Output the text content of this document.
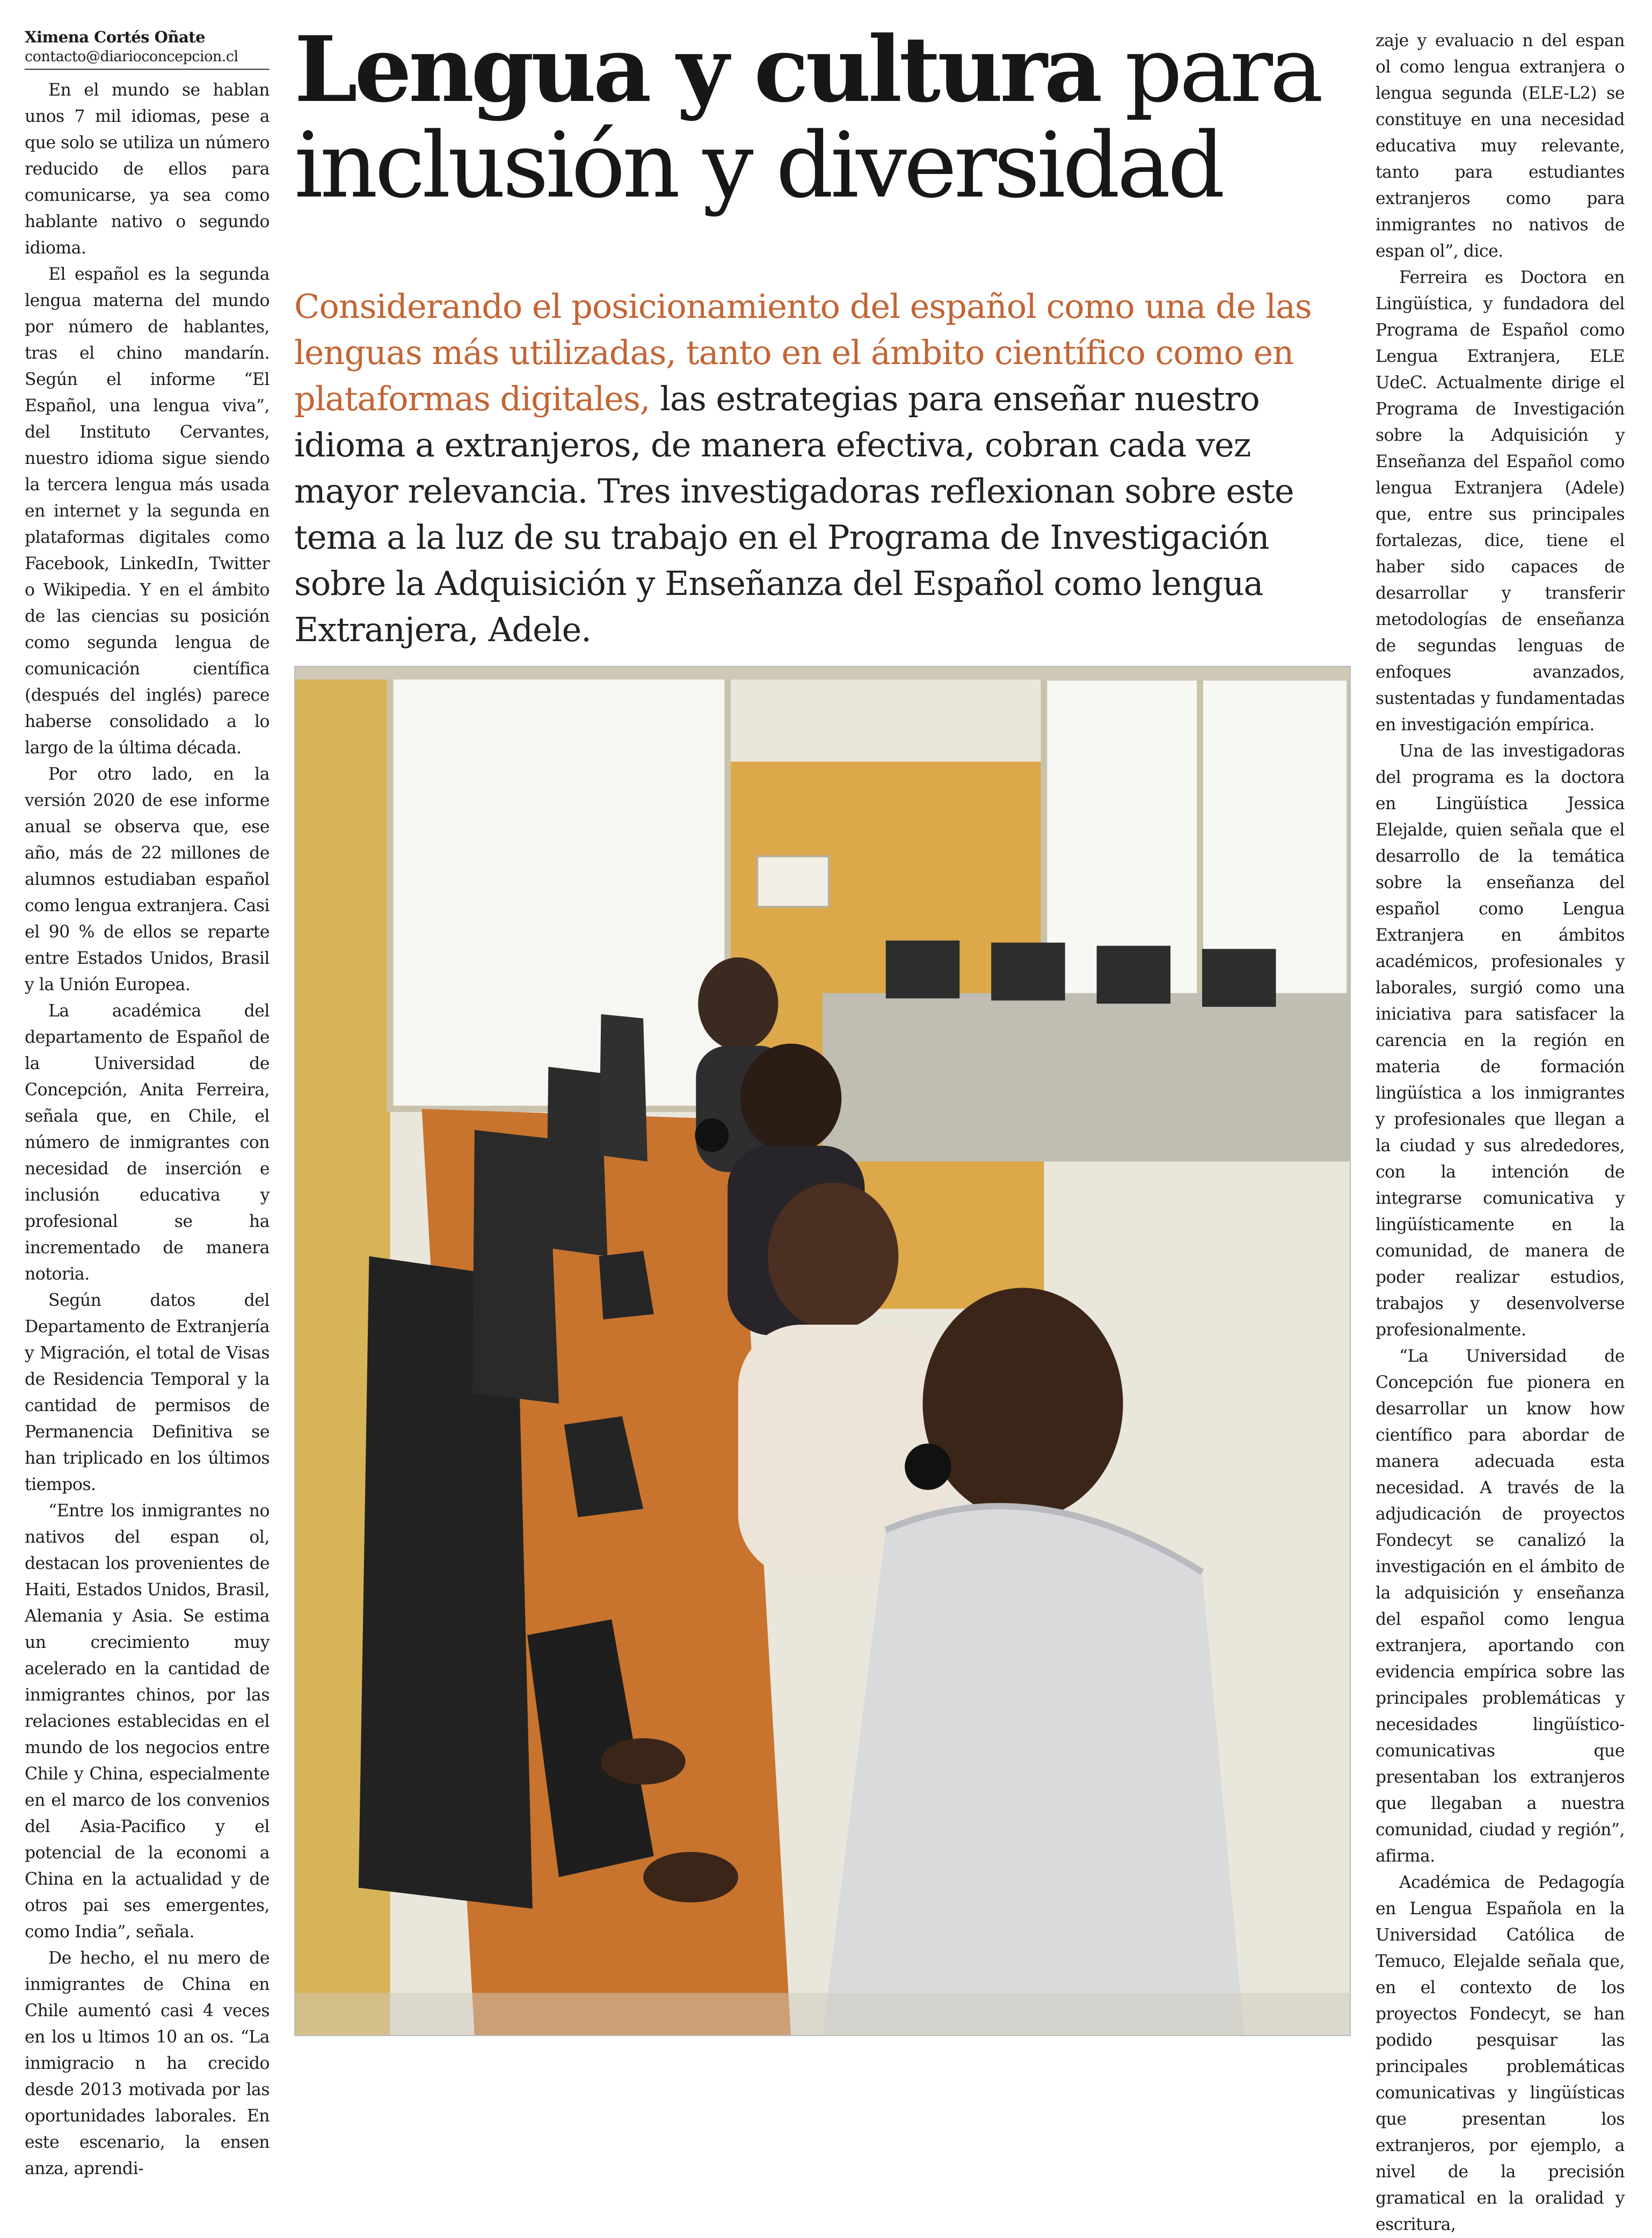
Ximena Cortés Oñate
contacto@diarioconcepcion.cl

En el mundo se hablan unos 7 mil idiomas, pese a que solo se utiliza un número reducido de ellos para comunicarse, ya sea como hablante nativo o segundo idioma.

El español es la segunda lengua materna del mundo por número de hablantes, tras el chino mandarín. Según el informe “El Español, una lengua viva”, del Instituto Cervantes, nuestro idioma sigue siendo la tercera lengua más usada en internet y la segunda en plataformas digitales como Facebook, LinkedIn, Twitter o Wikipedia. Y en el ámbito de las ciencias su posición como segunda lengua de comunicación científica (después del inglés) parece haberse consolidado a lo largo de la última década.

Por otro lado, en la versión 2020 de ese informe anual se observa que, ese año, más de 22 millones de alumnos estudiaban español como lengua extranjera. Casi el 90 % de ellos se reparte entre Estados Unidos, Brasil y la Unión Europea.

La académica del departamento de Español de la Universidad de Concepción, Anita Ferreira, señala que, en Chile, el número de inmigrantes con necesidad de inserción e inclusión educativa y profesional se ha incrementado de manera notoria.

Según datos del Departamento de Extranjería y Migración, el total de Visas de Residencia Temporal y la cantidad de permisos de Permanencia Definitiva se han triplicado en los últimos tiempos.

“Entre los inmigrantes no nativos del espan ol, destacan los provenientes de Haiti, Estados Unidos, Brasil, Alemania y Asia. Se estima un crecimiento muy acelerado en la cantidad de inmigrantes chinos, por las relaciones establecidas en el mundo de los negocios entre Chile y China, especialmente en el marco de los convenios del Asia-Pacifico y el potencial de la economi a China en la actualidad y de otros pai ses emergentes, como India”, señala.

De hecho, el nu mero de inmigrantes de China en Chile aumentó casi 4 veces en los u ltimos 10 an os. “La inmigracio n ha crecido desde 2013 motivada por las oportunidades laborales. En este escenario, la ensen anza, aprendi-

Lengua y cultura para inclusión y diversidad
Considerando el posicionamiento del español como una de las lenguas más utilizadas, tanto en el ámbito científico como en plataformas digitales, las estrategias para enseñar nuestro idioma a extranjeros, de manera efectiva, cobran cada vez mayor relevancia. Tres investigadoras reflexionan sobre este tema a la luz de su trabajo en el Programa de Investigación sobre la Adquisición y Enseñanza del Español como lengua Extranjera, Adele.

zaje y evaluacio n del espan ol como lengua extranjera o lengua segunda (ELE-L2) se constituye en una necesidad educativa muy relevante, tanto para estudiantes extranjeros como para inmigrantes no nativos de espan ol”, dice.

Ferreira es Doctora en Lingüística, y fundadora del Programa de Español como Lengua Extranjera, ELE UdeC. Actualmente dirige el Programa de Investigación sobre la Adquisición y Enseñanza del Español como lengua Extranjera (Adele) que, entre sus principales fortalezas, dice, tiene el haber sido capaces de desarrollar y transferir metodologías de enseñanza de segundas lenguas de enfoques avanzados, sustentadas y fundamentadas en investigación empírica.

Una de las investigadoras del programa es la doctora en Lingüística Jessica Elejalde, quien señala que el desarrollo de la temática sobre la enseñanza del español como Lengua Extranjera en ámbitos académicos, profesionales y laborales, surgió como una iniciativa para satisfacer la carencia en la región en materia de formación lingüística a los inmigrantes y profesionales que llegan a la ciudad y sus alrededores, con la intención de integrarse comunicativa y lingüísticamente en la comunidad, de manera de poder realizar estudios, trabajos y desenvolverse profesionalmente.

“La Universidad de Concepción fue pionera en desarrollar un know how científico para abordar de manera adecuada esta necesidad. A través de la adjudicación de proyectos Fondecyt se canalizó la investigación en el ámbito de la adquisición y enseñanza del español como lengua extranjera, aportando con evidencia empírica sobre las principales problemáticas y necesidades lingüístico-comunicativas que presentaban los extranjeros que llegaban a nuestra comunidad, ciudad y región”, afirma.

Académica de Pedagogía en Lengua Española en la Universidad Católica de Temuco, Elejalde señala que, en el contexto de los proyectos Fondecyt, se han podido pesquisar las principales problemáticas comunicativas y lingüísticas que presentan los extranjeros, por ejemplo, a nivel de la precisión gramatical en la oralidad y escritura,
